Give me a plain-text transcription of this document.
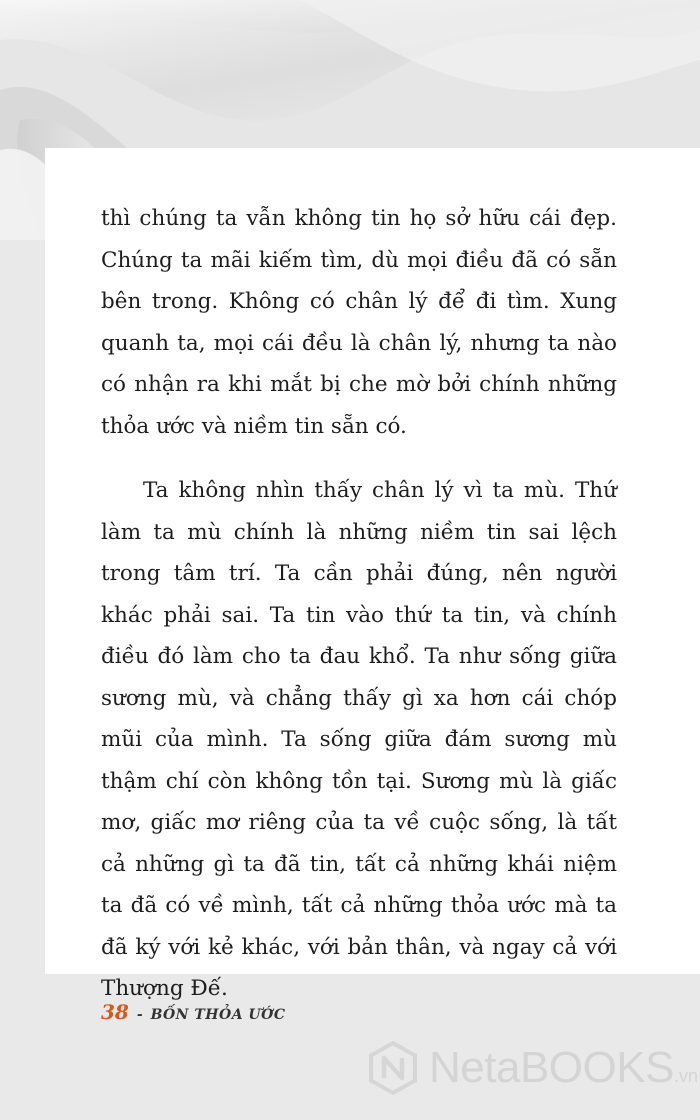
thì chúng ta vẫn không tin họ sở hữu cái đẹp. Chúng ta mãi kiếm tìm, dù mọi điều đã có sẵn bên trong. Không có chân lý để đi tìm. Xung quanh ta, mọi cái đều là chân lý, nhưng ta nào có nhận ra khi mắt bị che mờ bởi chính những thỏa ước và niềm tin sẵn có.

Ta không nhìn thấy chân lý vì ta mù. Thứ làm ta mù chính là những niềm tin sai lệch trong tâm trí. Ta cần phải đúng, nên người khác phải sai. Ta tin vào thứ ta tin, và chính điều đó làm cho ta đau khổ. Ta như sống giữa sương mù, và chẳng thấy gì xa hơn cái chóp mũi của mình. Ta sống giữa đám sương mù thậm chí còn không tồn tại. Sương mù là giấc mơ, giấc mơ riêng của ta về cuộc sống, là tất cả những gì ta đã tin, tất cả những khái niệm ta đã có về mình, tất cả những thỏa ước mà ta đã ký với kẻ khác, với bản thân, và ngay cả với Thượng Đế.

38 - BỐN THỎA ƯỚC
NetaBOOKS.vn
